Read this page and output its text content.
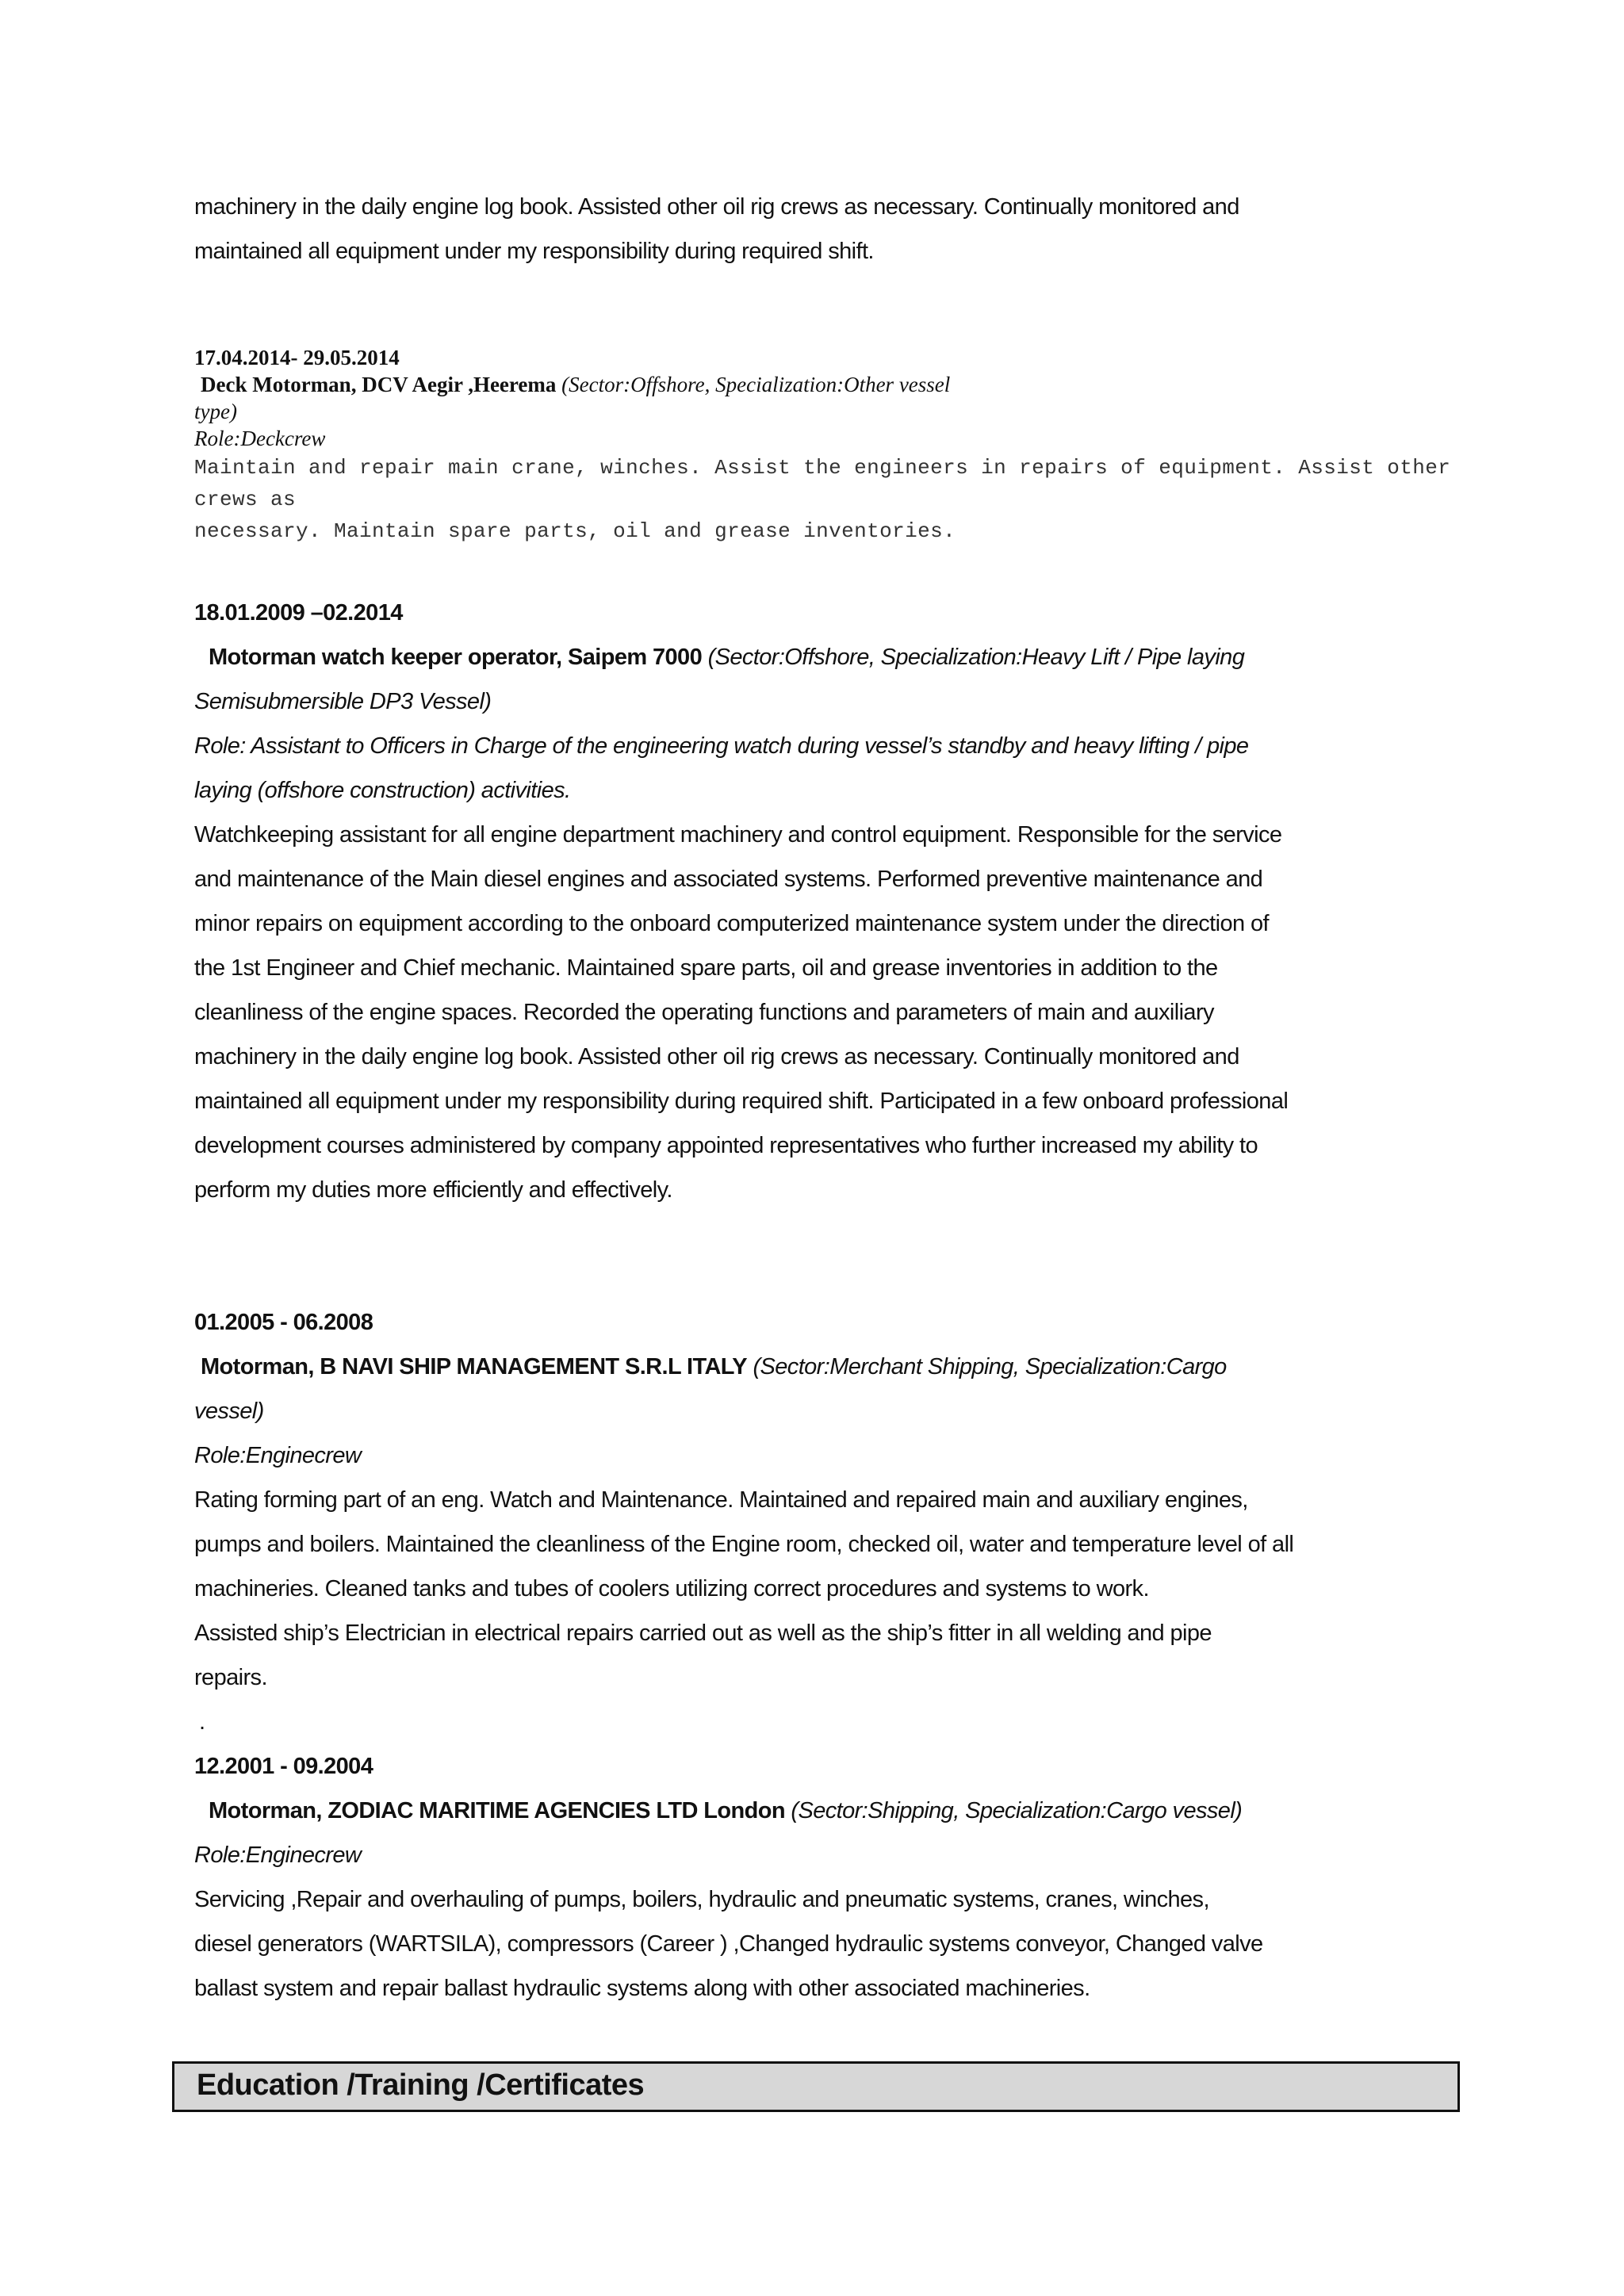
machinery in the daily engine log book. Assisted other oil rig crews as necessary. Continually monitored and
maintained all equipment under my responsibility during required shift.
17.04.2014- 29.05.2014
Deck Motorman, DCV Aegir ,Heerema (Sector:Offshore, Specialization:Other vessel
type)
Role:Deckcrew
Maintain and repair main crane, winches. Assist the engineers in repairs of equipment. Assist other
crews as
necessary. Maintain spare parts, oil and grease inventories.
18.01.2009 –02.2014
Motorman watch keeper operator, Saipem 7000 (Sector:Offshore, Specialization:Heavy Lift / Pipe laying
Semisubmersible DP3 Vessel)
Role: Assistant to Officers in Charge of the engineering watch during vessel’s standby and heavy lifting / pipe
laying (offshore construction) activities.
Watchkeeping assistant for all engine department machinery and control equipment. Responsible for the service
and maintenance of the Main diesel engines and associated systems. Performed preventive maintenance and
minor repairs on equipment according to the onboard computerized maintenance system under the direction of
the 1st Engineer and Chief mechanic. Maintained spare parts, oil and grease inventories in addition to the
cleanliness of the engine spaces. Recorded the operating functions and parameters of main and auxiliary
machinery in the daily engine log book. Assisted other oil rig crews as necessary. Continually monitored and
maintained all equipment under my responsibility during required shift. Participated in a few onboard professional
development courses administered by company appointed representatives who further increased my ability to
perform my duties more efficiently and effectively.
01.2005 - 06.2008
Motorman, B NAVI SHIP MANAGEMENT S.R.L ITALY (Sector:Merchant Shipping, Specialization:Cargo
vessel)
Role:Enginecrew
Rating forming part of an eng. Watch and Maintenance. Maintained and repaired main and auxiliary engines,
pumps and boilers. Maintained the cleanliness of the Engine room, checked oil, water and temperature level of all
machineries. Cleaned tanks and tubes of coolers utilizing correct procedures and systems to work.
Assisted ship’s Electrician in electrical repairs carried out as well as the ship’s fitter in all welding and pipe
repairs.
.
12.2001 - 09.2004
Motorman, ZODIAC MARITIME AGENCIES LTD London (Sector:Shipping, Specialization:Cargo vessel)
Role:Enginecrew
Servicing ,Repair and overhauling of pumps, boilers, hydraulic and pneumatic systems, cranes, winches,
diesel generators (WARTSILA), compressors (Career ) ,Changed hydraulic systems conveyor, Changed valve
ballast system and repair ballast hydraulic systems along with other associated machineries.
Education /Training /Certificates
